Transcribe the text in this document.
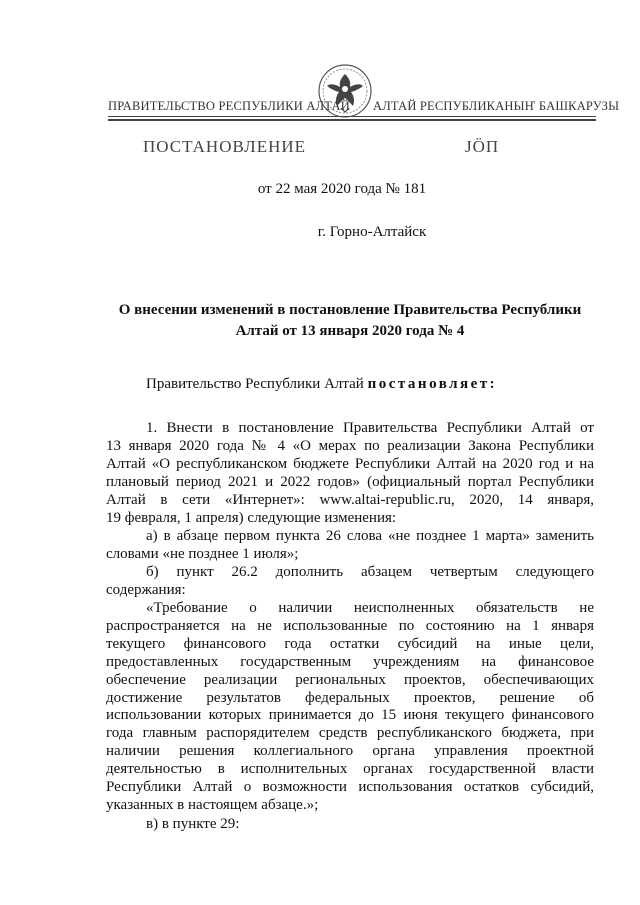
ПРАВИТЕЛЬСТВО РЕСПУБЛИКИ АЛТАЙ АЛТАЙ РЕСПУБЛИКАНЫҤ БАШКАРУЗЫ
ПОСТАНОВЛЕНИЕ	JӦП
от 22 мая 2020 года № 181
г. Горно-Алтайск
О внесении изменений в постановление Правительства Республики
Алтай от 13 января 2020 года № 4
Правительство Республики Алтай постановляет:
1. Внести в постановление Правительства Республики Алтай от
13 января 2020 года № 4 «О мерах по реализации Закона Республики
Алтай «О республиканском бюджете Республики Алтай на 2020 год и на
плановый период 2021 и 2022 годов» (официальный портал Республики
Алтай в сети «Интернет»: www.altai-republic.ru, 2020, 14 января,
19 февраля, 1 апреля) следующие изменения:
а) в абзаце первом пункта 26 слова «не позднее 1 марта» заменить
словами «не позднее 1 июля»;
б) пункт 26.2 дополнить абзацем четвертым следующего
содержания:
«Требование о наличии неисполненных обязательств не
распространяется на не использованные по состоянию на 1 января
текущего финансового года остатки субсидий на иные цели,
предоставленных государственным учреждениям на финансовое
обеспечение реализации региональных проектов, обеспечивающих
достижение результатов федеральных проектов, решение об
использовании которых принимается до 15 июня текущего финансового
года главным распорядителем средств республиканского бюджета, при
наличии решения коллегиального органа управления проектной
деятельностью в исполнительных органах государственной власти
Республики Алтай о возможности использования остатков субсидий,
указанных в настоящем абзаце.»;
в) в пункте 29:
